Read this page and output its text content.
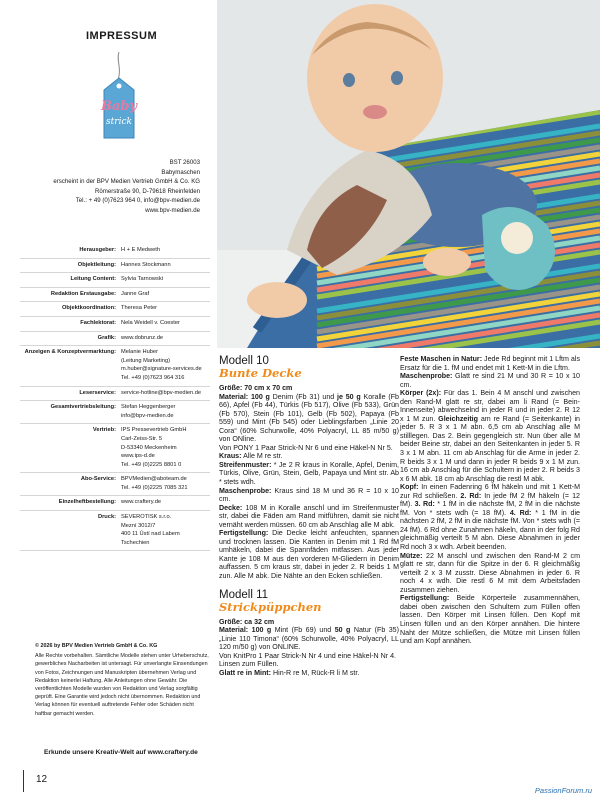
IMPRESSUM
Baby
strick
BST 26003
Babymaschen
erscheint in der BPV Medien Vertrieb GmbH & Co. KG
Römerstraße 90, D-79618 Rheinfelden
Tel.: + 49 (0)7623 964 0, info@bpv-medien.de
www.bpv-medien.de
Herausgeber: H + E Medweth
Objektleitung: Hannes Stockmann
Leitung Content: Sylvia Tarnowski
Redaktion Erstausgabe: Janne Graf
Objektkoordination: Theresa Peter
Fachlektorat: Nela Weidell v. Coester
Grafik: www.dobrunz.de
Anzeigen & Konzeptvermarktung: Melanie Huber
(Leitung Marketing)
m.huber@signature-services.de
Tel. +49 (0)7623 964 316
Leserservice: service-hotline@bpv-medien.de
Gesamtvertriebsleitung: Stefan Heggenberger
info@bpv-medien.de
Vertrieb: IPS Pressevertrieb GmbH
Carl-Zeiss-Str. 5
D-53340 Meckenheim
www.ips-d.de
Tel. +49 (0)2225 8801 0
Abo-Service: BPVMedien@aboteam.de
Tel. +49 (0)2225 7085 321
Einzelheftbestellung: www.craftery.de
Druck: SEVEROTISK s.r.o.
Mezní 3012/7
400 11 Ústí nad Labem
Tschechien
© 2026 by BPV Medien Vertrieb GmbH & Co. KG
Alle Rechte vorbehalten. Sämtliche Modelle stehen unter Urheberschutz, gewerbliches Nacharbeiten ist untersagt. Für unverlangte Einsendungen von Fotos, Zeichnungen und Manuskripten übernehmen Verlag und Redaktion keinerlei Haftung. Alle Anleitungen ohne Gewähr. Die veröffentlichten Modelle wurden von Redaktion und Verlag sorgfältig geprüft. Eine Garantie wird jedoch nicht übernommen. Redaktion und Verlag können für eventuell auftretende Fehler oder Schäden nicht haftbar gemacht werden.
Erkunde unsere Kreativ-Welt auf www.craftery.de
12
Modell 10
Bunte Decke

Größe: 70 cm x 70 cm

Material: 100 g Denim (Fb 31) und je 50 g Koralle (Fb 66), Apfel (Fb 44), Türkis (Fb 517), Olive (Fb 533), Grün (Fb 570), Stein (Fb 101), Gelb (Fb 502), Papaya (Fb 559) und Mint (Fb 545) oder Lieblingsfarben „Linie 20 Cora“ (60% Schurwolle, 40% Polyacryl, LL 85 m/50 g) von ONline.

Von PONY 1 Paar Strick-N Nr 6 und eine Häkel-N Nr 5.

Kraus: Alle M re str.

Streifenmuster: * Je 2 R kraus in Koralle, Apfel, Denim, Türkis, Olive, Grün, Stein, Gelb, Papaya und Mint str. Ab * stets wdh.

Maschenprobe: Kraus sind 18 M und 36 R = 10 x 10 cm.

Decke: 108 M in Koralle anschl und im Streifenmuster str, dabei die Fäden am Rand mitführen, damit sie nicht vernäht werden müssen. 60 cm ab Anschlag alle M abk.

Fertigstellung: Die Decke leicht anfeuchten, spannen und trocknen lassen. Die Kanten in Denim mit 1 Rd fM umhäkeln, dabei die Spannfäden mitfassen. Aus jeder Kante je 108 M aus den vorderen M-Gliedern in Denim auffassen. 5 cm kraus str, dabei in jeder 2. R beids 1 M zun. Alle M abk. Die Nähte an den Ecken schließen.

Modell 11
Strickpüppchen

Größe: ca 32 cm

Material: 100 g Mint (Fb 69) und 50 g Natur (Fb 35) „Linie 110 Timona“ (60% Schurwolle, 40% Polyacryl, LL 120 m/50 g) von ONLINE.

Von KnitPro 1 Paar Strick-N Nr 4 und eine Häkel-N Nr 4.

Linsen zum Füllen.

Glatt re in Mint: Hin-R re M, Rück-R li M str.

Feste Maschen in Natur: Jede Rd beginnt mit 1 Lftm als Ersatz für die 1. fM und endet mit 1 Kett-M in die Lftm.

Maschenprobe: Glatt re sind 21 M und 30 R = 10 x 10 cm.

Körper (2x): Für das 1. Bein 4 M anschl und zwischen den Rand-M glatt re str, dabei am li Rand (= Bein-Innenseite) abwechselnd in jeder R und in jeder 2. R 12 x 1 M zun. Gleichzeitig am re Rand (= Seitenkante) in jeder 5. R 3 x 1 M abn. 6,5 cm ab Anschlag alle M stilllegen. Das 2. Bein gegengleich str. Nun über alle M beider Beine str, dabei an den Seitenkanten in jeder 5. R 3 x 1 M abn. 11 cm ab Anschlag für die Arme in jeder 2. R beids 3 x 1 M und dann in jeder R beids 9 x 1 M zun. 16 cm ab Anschlag für die Schultern in jeder 2. R beids 3 x 6 M abk. 18 cm ab Anschlag die restl M abk.

Kopf: In einen Fadenring 6 fM häkeln und mit 1 Kett-M zur Rd schließen. 2. Rd: In jede fM 2 fM häkeln (= 12 fM). 3. Rd: * 1 fM in die nächste fM, 2 fM in die nächste fM. Von * stets wdh (= 18 fM). 4. Rd: * 1 fM in die nächsten 2 fM, 2 fM in die nächste fM. Von * stets wdh (= 24 fM). 6 Rd ohne Zunahmen häkeln, dann in der folg Rd gleichmäßig verteilt 5 M abn. Diese Abnahmen in jeder Rd noch 3 x wdh. Arbeit beenden.

Mütze: 22 M anschl und zwischen den Rand-M 2 cm glatt re str, dann für die Spitze in der 6. R gleichmäßig verteilt 2 x 3 M zusstr. Diese Abnahmen in jeder 6. R noch 4 x wdh. Die restl 6 M mit dem Arbeitsfaden zusammen ziehen.

Fertigstellung: Beide Körperteile zusammennähen, dabei oben zwischen den Schultern zum Füllen offen lassen. Den Körper mit Linsen füllen. Den Kopf mit Linsen füllen und an den Körper annähen. Die hintere Naht der Mütze schließen, die Mütze mit Linsen füllen und am Kopf annähen.

PassionForum.ru
